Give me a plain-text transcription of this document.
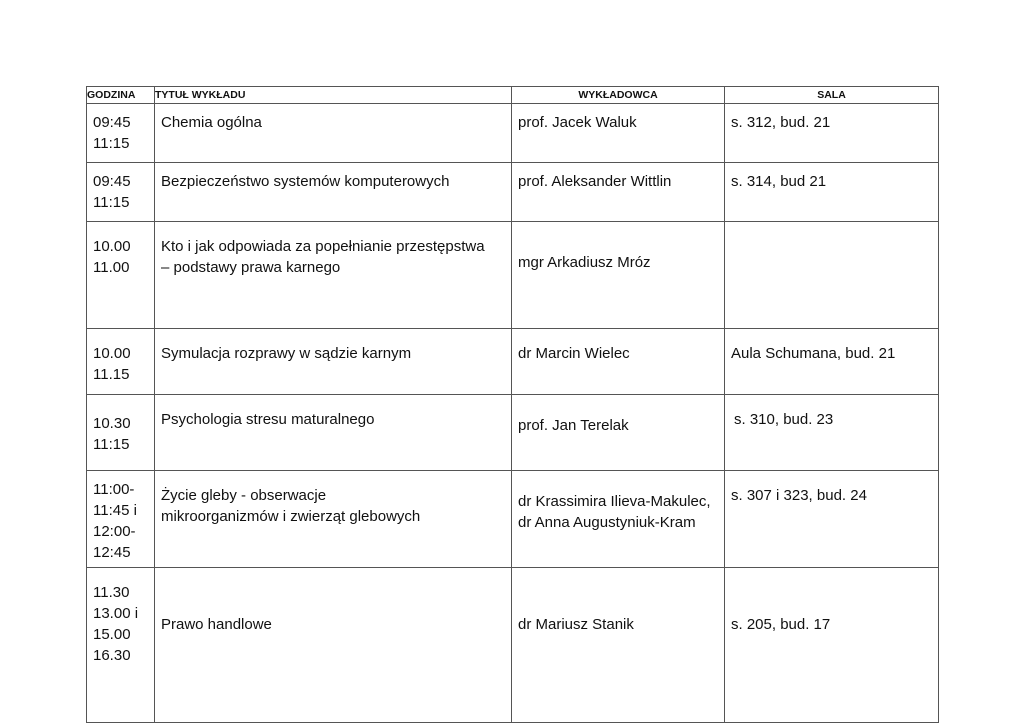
GODZINA	TYTUŁ WYKŁADU	WYKŁADOWCA	SALA

09:45
11:15	Chemia ogólna	prof. Jacek Waluk	s. 312, bud. 21

09:45
11:15	Bezpieczeństwo systemów komputerowych	prof. Aleksander Wittlin	s. 314, bud 21

10.00
11.00	Kto i jak odpowiada za popełnianie przestępstwa
– podstawy prawa karnego	mgr Arkadiusz Mróz	

10.00
11.15	Symulacja rozprawy w sądzie karnym	dr Marcin Wielec	Aula Schumana, bud. 21

10.30
11:15	Psychologia stresu maturalnego	prof. Jan Terelak	s. 310, bud. 23

11:00-
11:45 i
12:00-
12:45	Życie gleby - obserwacje
mikroorganizmów i zwierząt glebowych	dr Krassimira Ilieva-Makulec,
dr Anna Augustyniuk-Kram	s. 307 i 323, bud. 24

11.30
13.00 i
15.00
16.30	Prawo handlowe	dr Mariusz Stanik	s. 205, bud. 17
